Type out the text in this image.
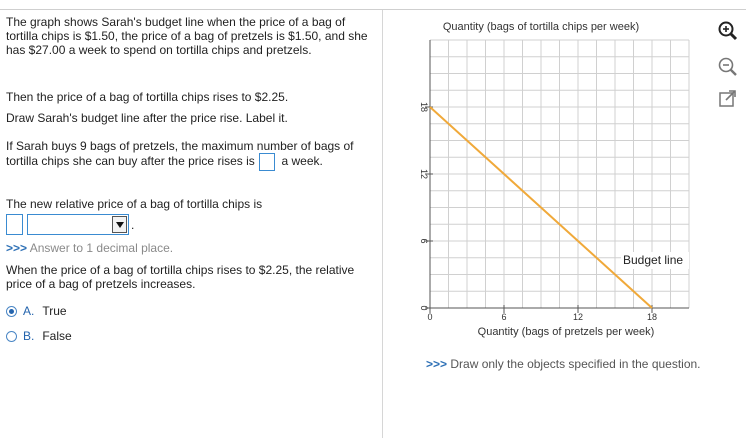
The graph shows Sarah's budget line when the price of a bag of tortilla chips is $1.50, the price of a bag of pretzels is $1.50, and she has $27.00 a week to spend on tortilla chips and pretzels.
Then the price of a bag of tortilla chips rises to $2.25.
Draw Sarah's budget line after the price rise. Label it.
If Sarah buys 9 bags of pretzels, the maximum number of bags of tortilla chips she can buy after the price rises is a week.
The new relative price of a bag of tortilla chips is
.
>>> Answer to 1 decimal place.
When the price of a bag of tortilla chips rises to $2.25, the relative price of a bag of pretzels increases.
A. True
B. False
Quantity (bags of tortilla chips per week)
0
6
12
18
0	6	12	18
Budget line
Quantity (bags of pretzels per week)
>>> Draw only the objects specified in the question.
